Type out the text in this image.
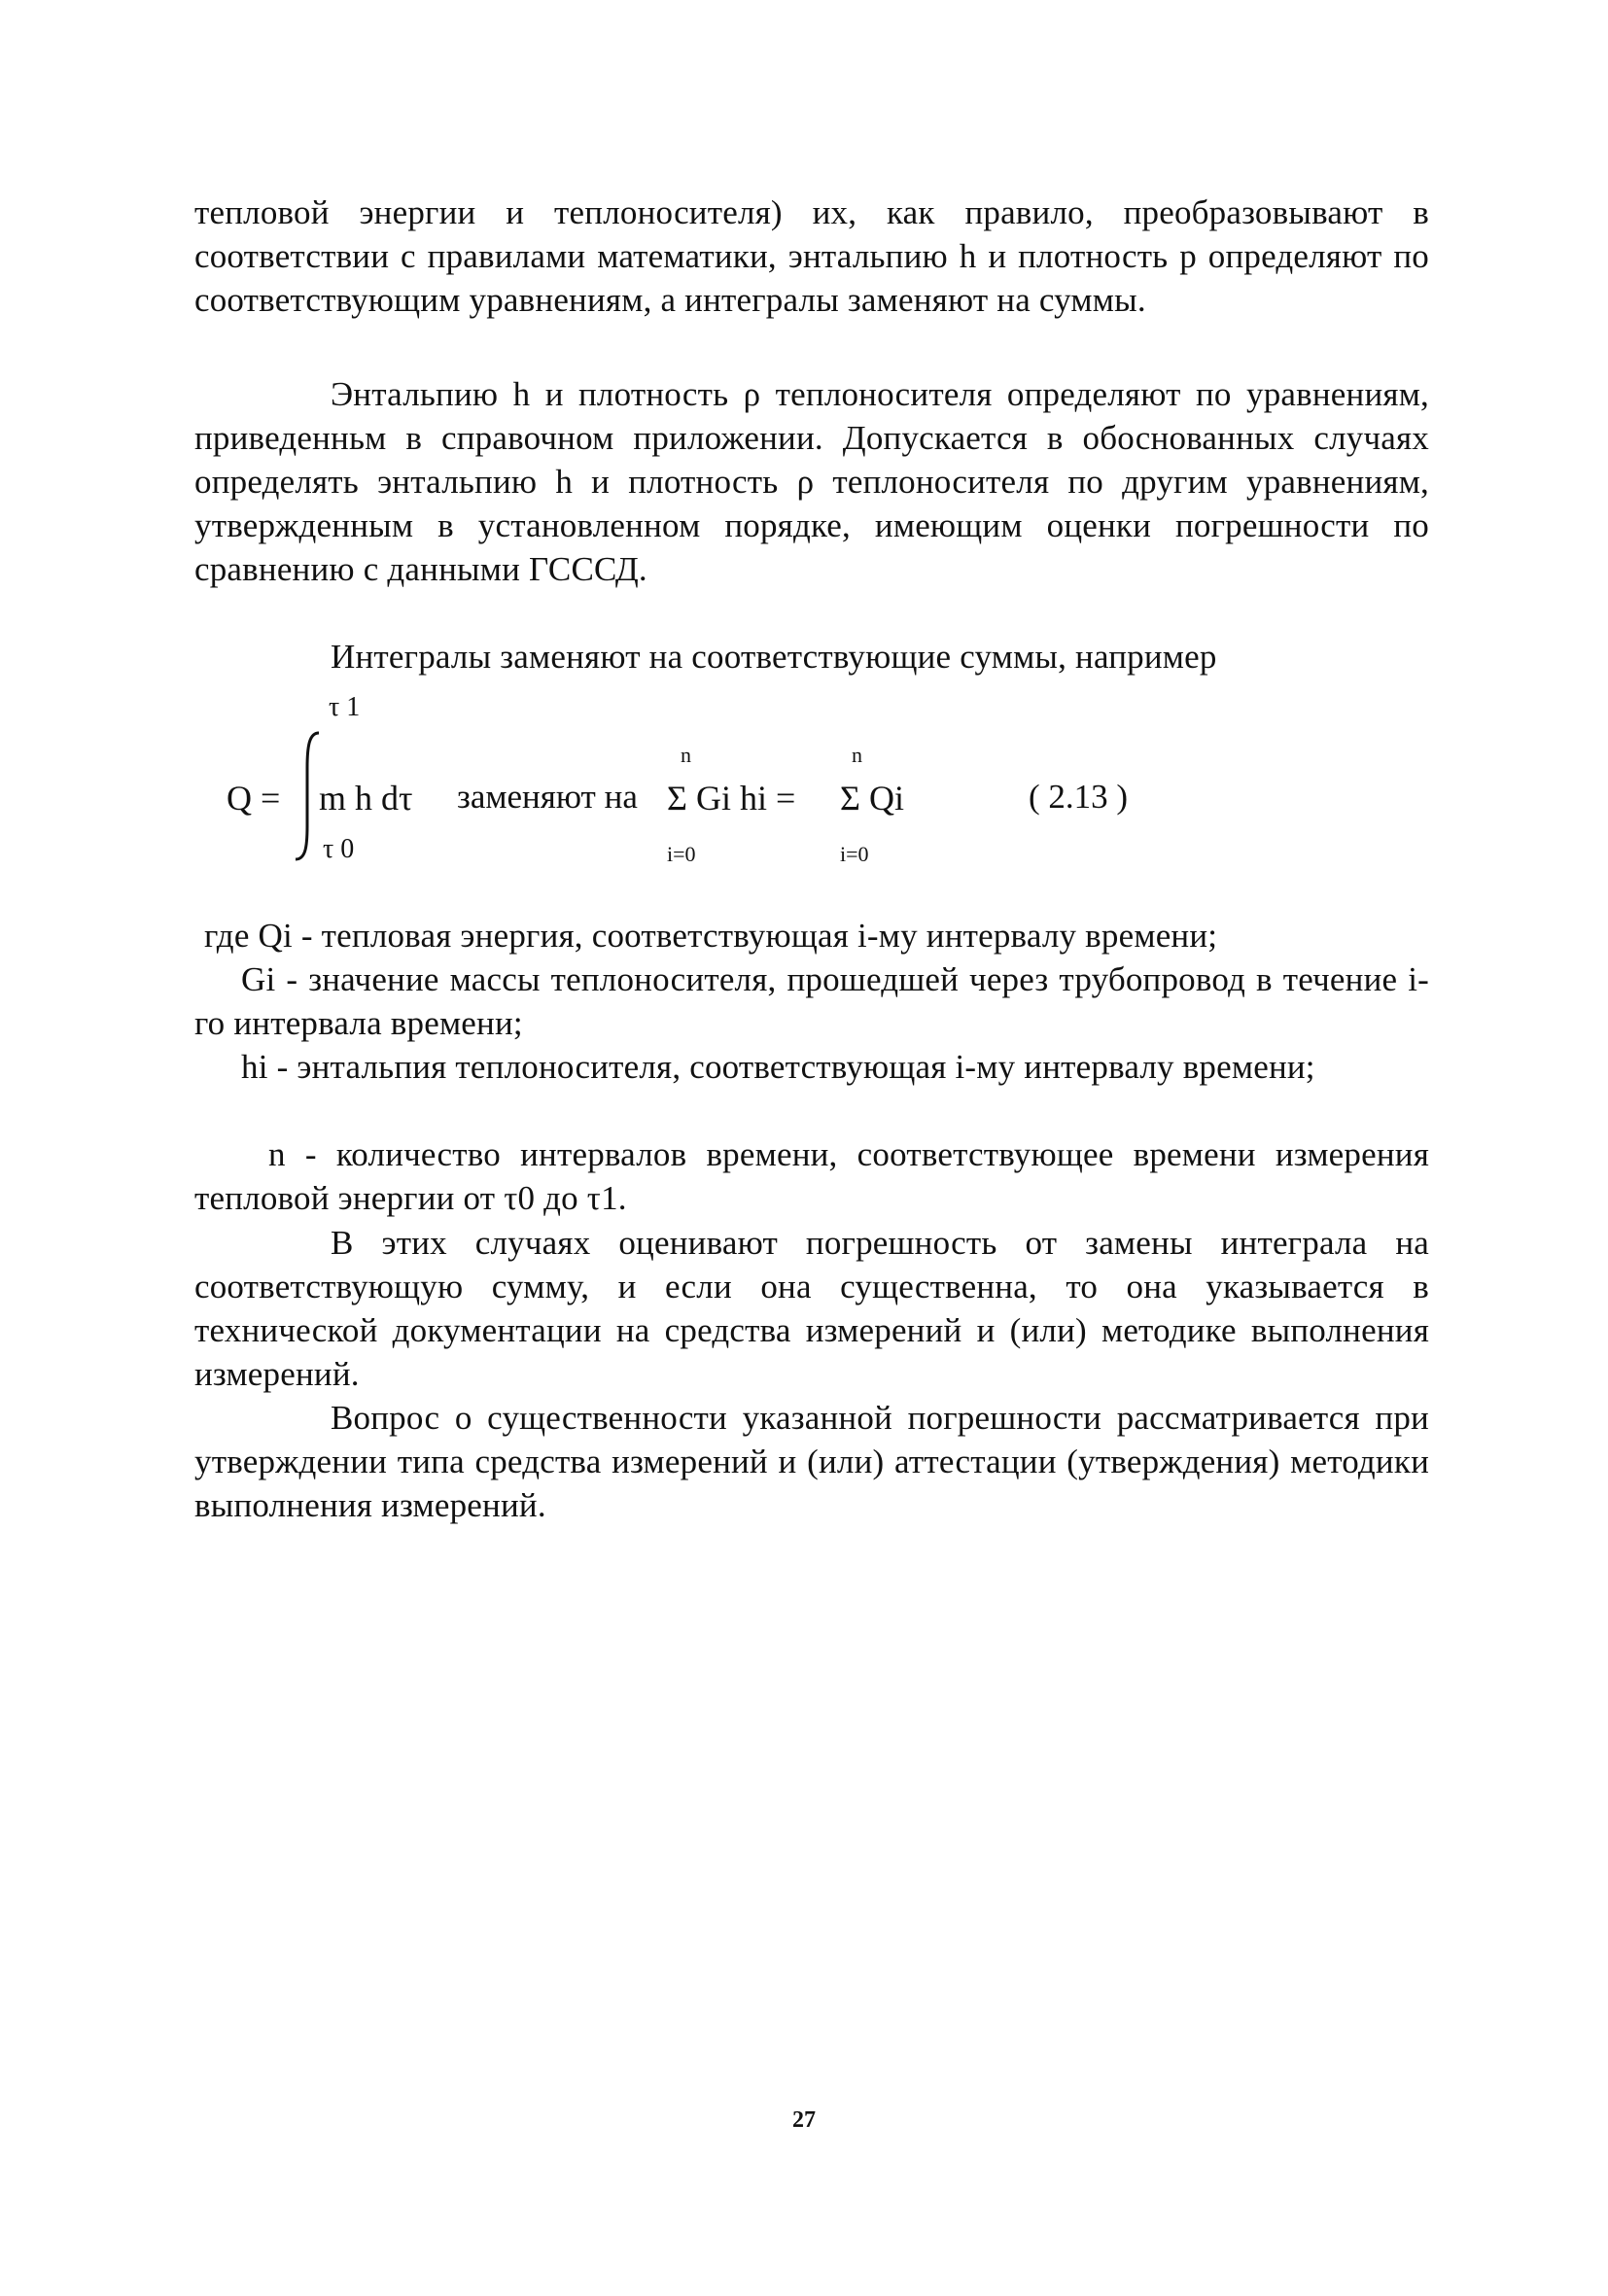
тепловой энергии и теплоносителя) их, как правило, преобразовывают в соответствии с правилами математики, энтальпию h и плотность p определяют по соответствующим уравнениям, а интегралы заменяют на суммы.

Энтальпию h и плотность ρ теплоносителя определяют по уравнениям, приведенньм в справочном приложении. Допускается в обоснованных случаях определять энтальпию h и плотность ρ теплоносителя по другим уравнениям, утвержденным в установленном порядке, имеющим оценки погрешности по сравнению с данными ГСССД.

Интегралы заменяют на соответствующие суммы, например

τ 1
Q = m h dτ
τ 0
заменяют на
n
Σ Gi hi =
i=0
n
Σ Qi
i=0
( 2.13 )

где Qi - тепловая энергия, соответствующая i-му интервалу времени;

Gi - значение массы теплоносителя, прошедшей через трубопровод в течение i-го интервала времени;

hi - энтальпия теплоносителя, соответствующая i-му интервалу времени;

n - количество интервалов времени, соответствующее времени измерения тепловой энергии от τ0 до τ1.

В этих случаях оценивают погрешность от замены интеграла на соответствующую сумму, и если она существенна, то она указывается в технической документации на средства измерений и (или) методике выполнения измерений.

Вопрос о существенности указанной погрешности рассматривается при утверждении типа средства измерений и (или) аттестации (утверждения) методики выполнения измерений.

27
